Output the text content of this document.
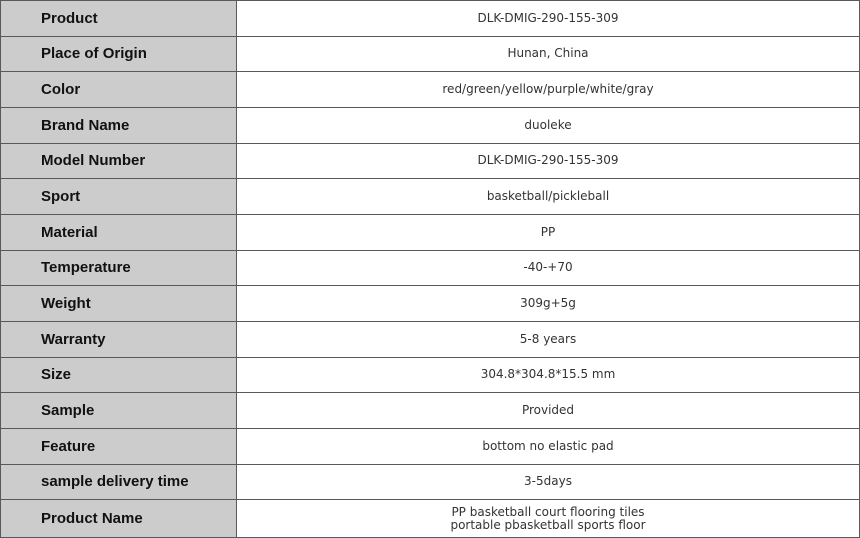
Product	DLK-DMIG-290-155-309
Place of Origin	Hunan, China
Color	red/green/yellow/purple/white/gray
Brand Name	duoleke
Model Number	DLK-DMIG-290-155-309
Sport	basketball/pickleball
Material	PP
Temperature	-40-+70
Weight	309g+5g
Warranty	5-8 years
Size	304.8*304.8*15.5 mm
Sample	Provided
Feature	bottom no elastic pad
sample delivery time	3-5days
Product Name	PP basketball court flooring tiles
portable pbasketball sports floor
